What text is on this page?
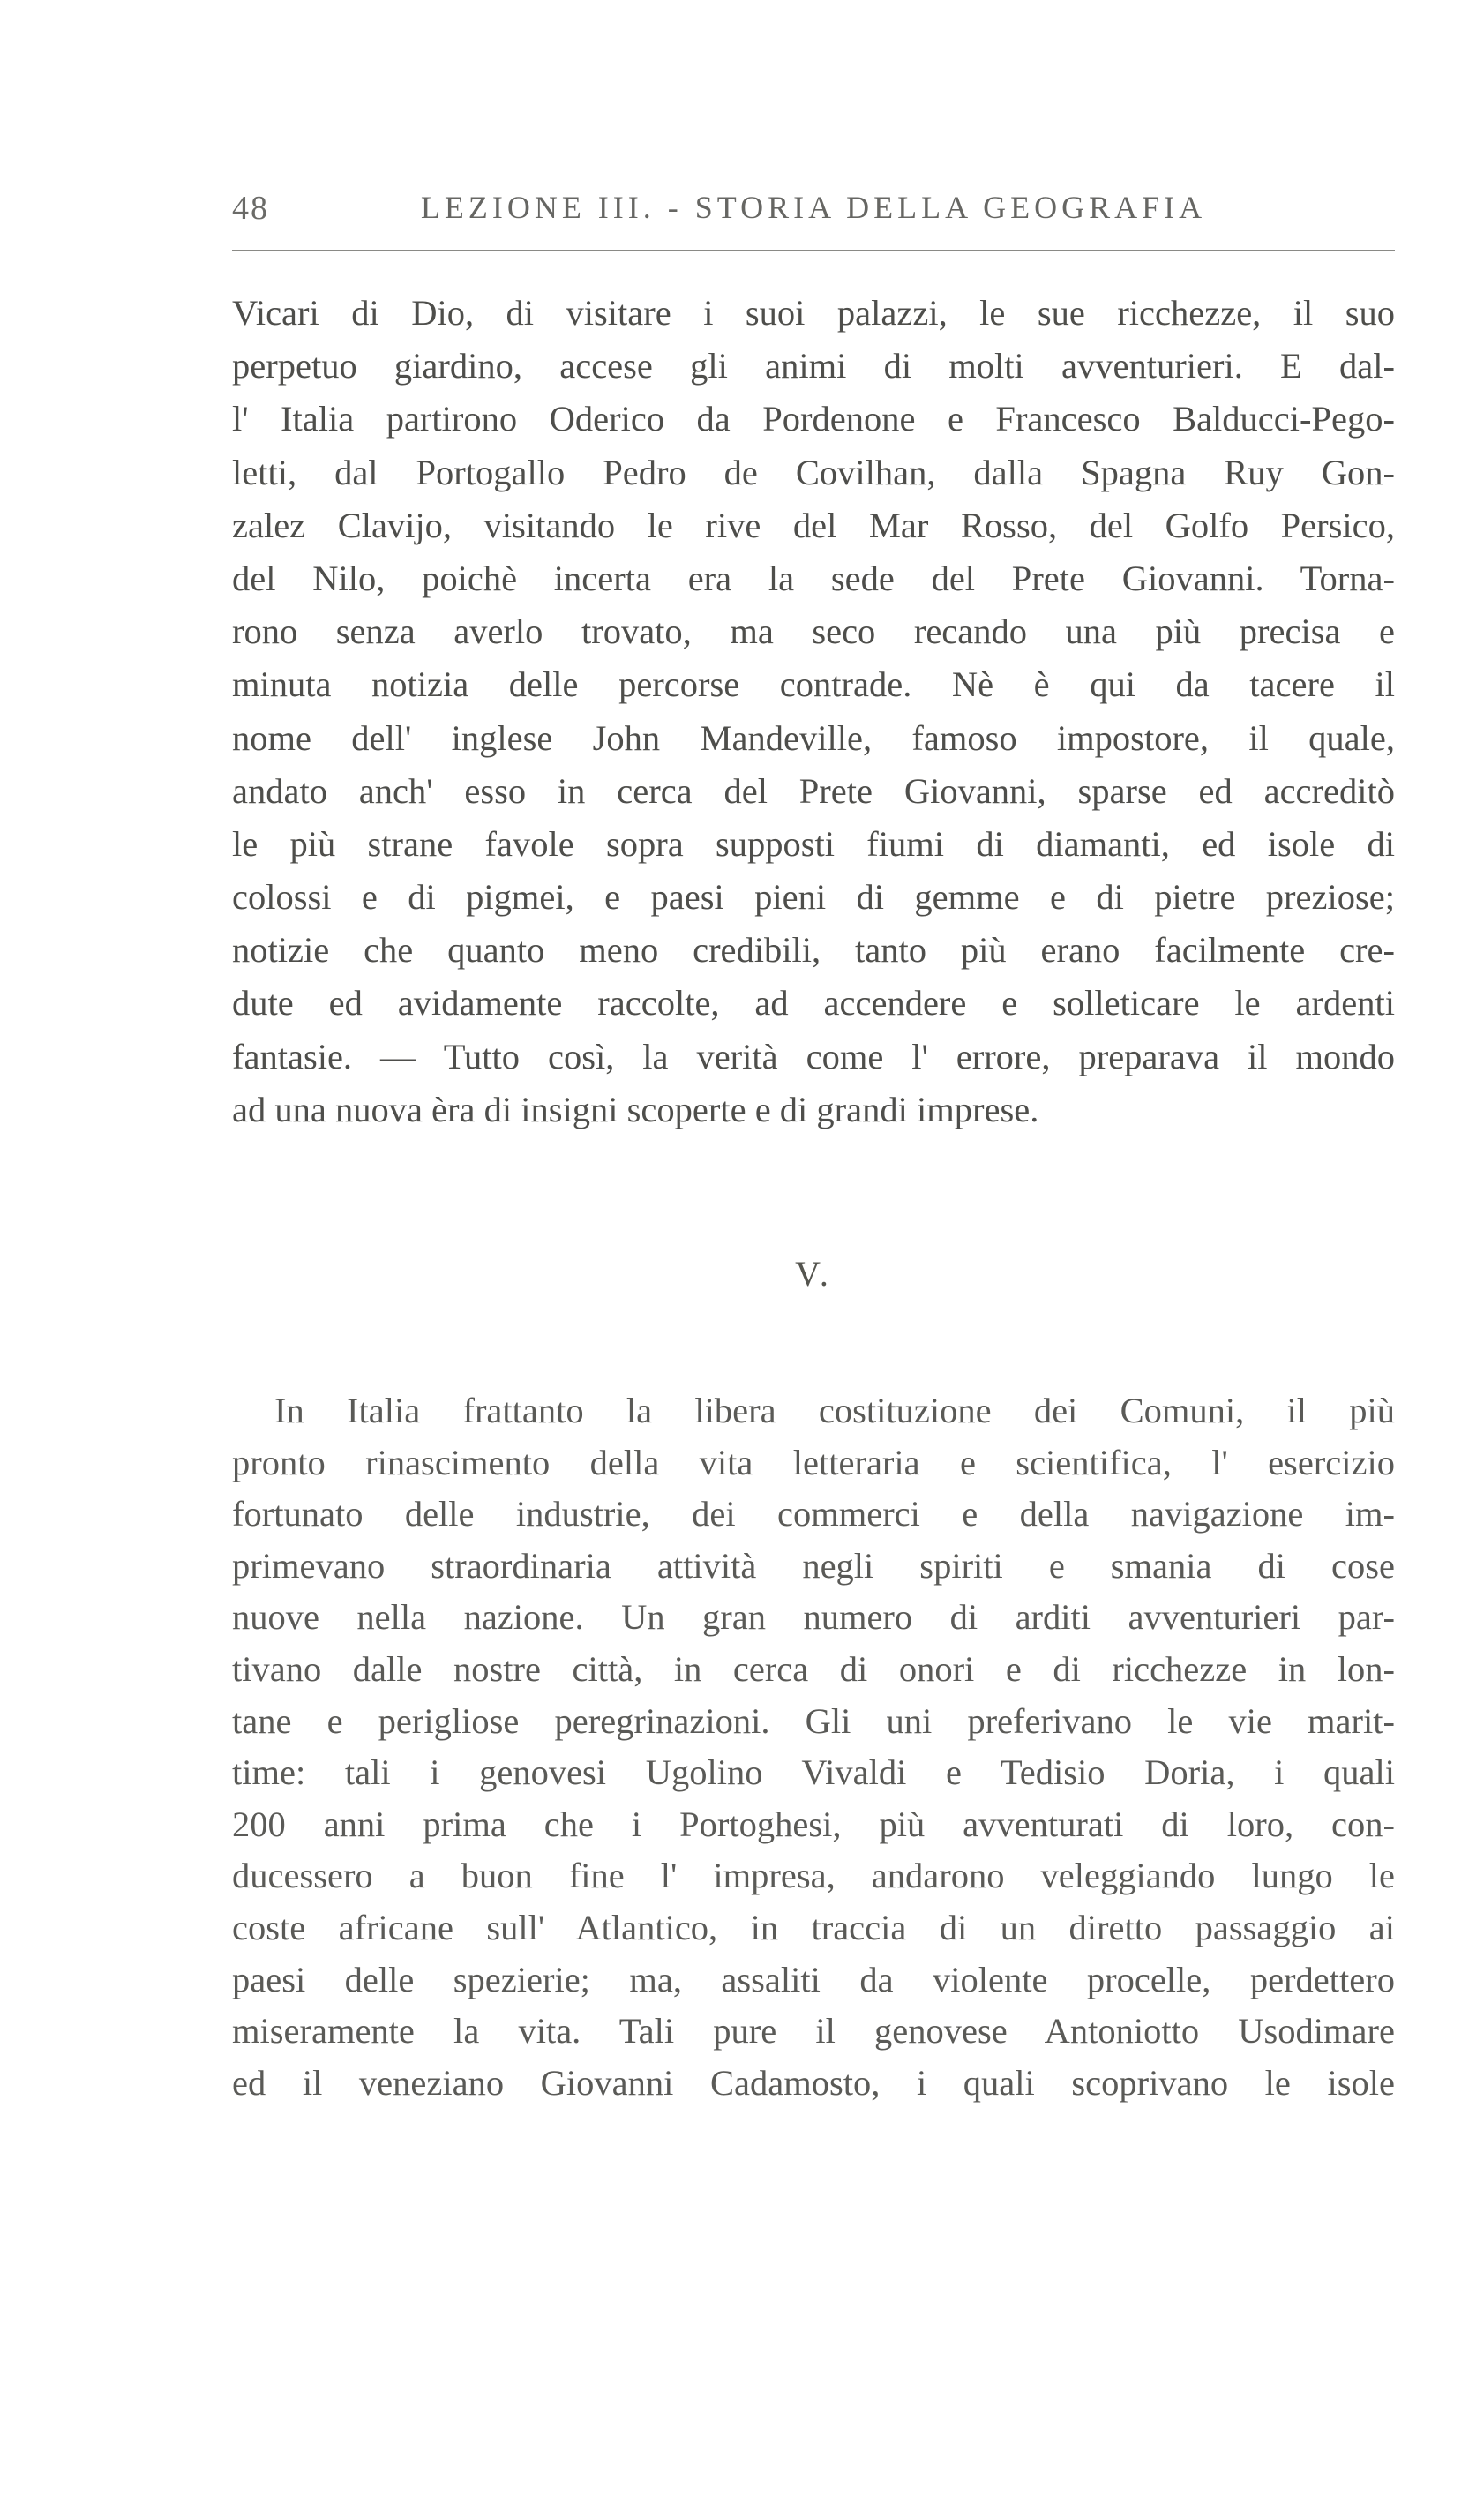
48	LEZIONE III. - STORIA DELLA GEOGRAFIA
Vicari di Dio, di visitare i suoi palazzi, le sue ricchezze, il suo
perpetuo giardino, accese gli animi di molti avventurieri. E dal-
l' Italia partirono Oderico da Pordenone e Francesco Balducci-Pego-
letti, dal Portogallo Pedro de Covilhan, dalla Spagna Ruy Gon-
zalez Clavijo, visitando le rive del Mar Rosso, del Golfo Persico,
del Nilo, poichè incerta era la sede del Prete Giovanni. Torna-
rono senza averlo trovato, ma seco recando una più precisa e
minuta notizia delle percorse contrade. Nè è qui da tacere il
nome dell' inglese John Mandeville, famoso impostore, il quale,
andato anch' esso in cerca del Prete Giovanni, sparse ed accreditò
le più strane favole sopra supposti fiumi di diamanti, ed isole di
colossi e di pigmei, e paesi pieni di gemme e di pietre preziose;
notizie che quanto meno credibili, tanto più erano facilmente cre-
dute ed avidamente raccolte, ad accendere e solleticare le ardenti
fantasie. — Tutto così, la verità come l' errore, preparava il mondo
ad una nuova èra di insigni scoperte e di grandi imprese.
V.
In Italia frattanto la libera costituzione dei Comuni, il più
pronto rinascimento della vita letteraria e scientifica, l' esercizio
fortunato delle industrie, dei commerci e della navigazione im-
primevano straordinaria attività negli spiriti e smania di cose
nuove nella nazione. Un gran numero di arditi avventurieri par-
tivano dalle nostre città, in cerca di onori e di ricchezze in lon-
tane e perigliose peregrinazioni. Gli uni preferivano le vie marit-
time: tali i genovesi Ugolino Vivaldi e Tedisio Doria, i quali
200 anni prima che i Portoghesi, più avventurati di loro, con-
ducessero a buon fine l' impresa, andarono veleggiando lungo le
coste africane sull' Atlantico, in traccia di un diretto passaggio ai
paesi delle spezierie; ma, assaliti da violente procelle, perdettero
miseramente la vita. Tali pure il genovese Antoniotto Usodimare
ed il veneziano Giovanni Cadamosto, i quali scoprivano le isole
